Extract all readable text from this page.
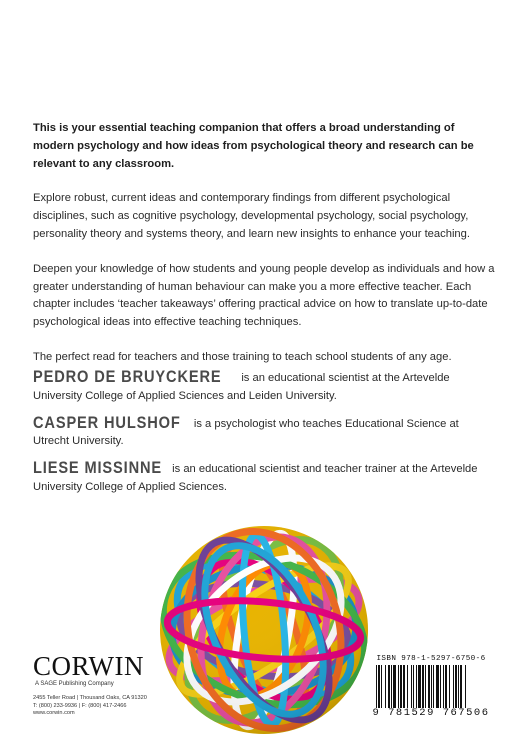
This is your essential teaching companion that offers a broad understanding of modern psychology and how ideas from psychological theory and research can be relevant to any classroom.

Explore robust, current ideas and contemporary findings from different psychological disciplines, such as cognitive psychology, developmental psychology, social psychology, personality theory and systems theory, and learn new insights to enhance your teaching.

Deepen your knowledge of how students and young people develop as individuals and how a greater understanding of human behaviour can make you a more effective teacher. Each chapter includes ‘teacher takeaways’ offering practical advice on how to translate up-to-date psychological ideas into effective teaching techniques.

The perfect read for teachers and those training to teach school students of any age.

PEDRO DE BRUYCKERE is an educational scientist at the Artevelde University College of Applied Sciences and Leiden University.

CASPER HULSHOF is a psychologist who teaches Educational Science at Utrecht University.

LIESE MISSINNE is an educational scientist and teacher trainer at the Artevelde University College of Applied Sciences.

CORWIN
A SAGE Publishing Company
2455 Teller Road | Thousand Oaks, CA 91320
T: (800) 233-9936 | F: (800) 417-2466
www.corwin.com
ISBN 978-1-5297-6750-6
9 781529 767506
